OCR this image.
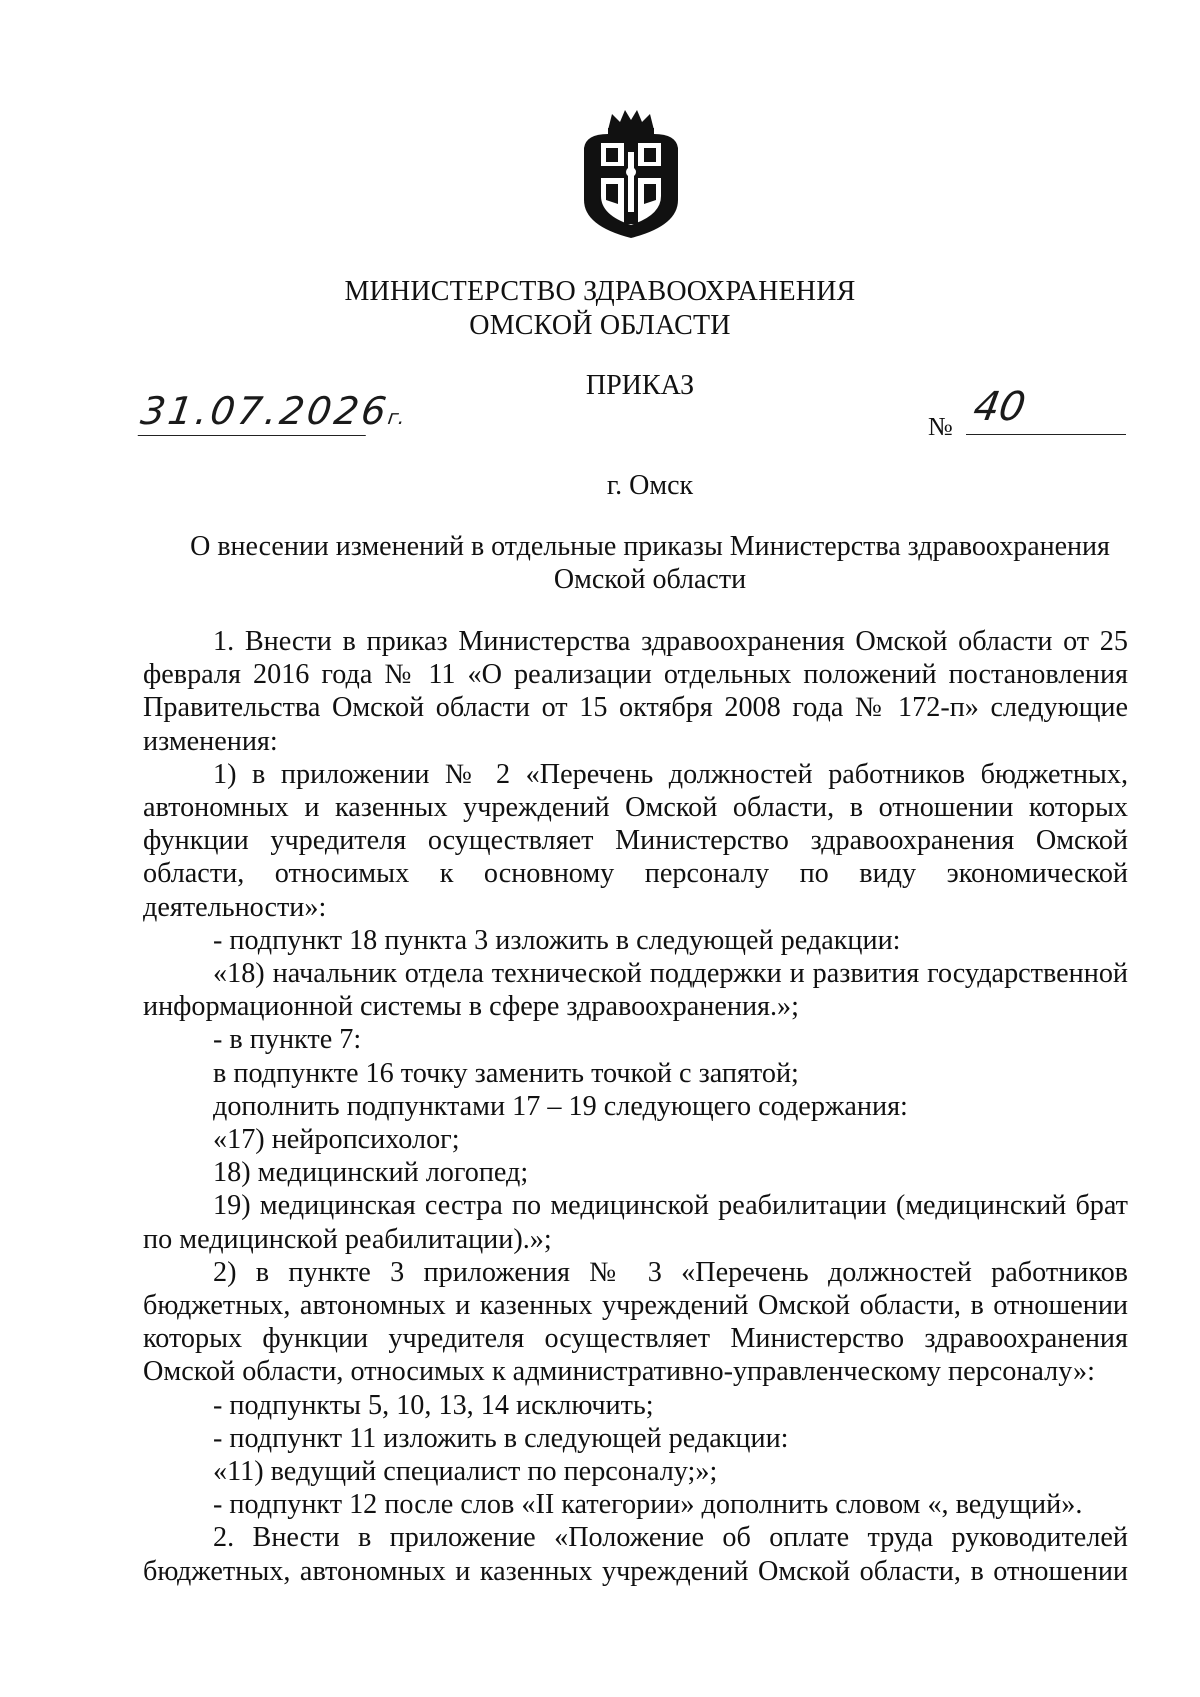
МИНИСТЕРСТВО ЗДРАВООХРАНЕНИЯ
ОМСКОЙ ОБЛАСТИ
ПРИКАЗ
31.07.2026г.	№ 40
г. Омск
О внесении изменений в отдельные приказы Министерства здравоохранения
Омской области

1. Внести в приказ Министерства здравоохранения Омской области от 25 февраля 2016 года № 11 «О реализации отдельных положений постановления Правительства Омской области от 15 октября 2008 года № 172-п» следующие изменения:

1) в приложении № 2 «Перечень должностей работников бюджетных, автономных и казенных учреждений Омской области, в отношении которых функции учредителя осуществляет Министерство здравоохранения Омской области, относимых к основному персоналу по виду экономической деятельности»:

- подпункт 18 пункта 3 изложить в следующей редакции:

«18) начальник отдела технической поддержки и развития государственной информационной системы в сфере здравоохранения.»;

- в пункте 7:

в подпункте 16 точку заменить точкой с запятой;

дополнить подпунктами 17 – 19 следующего содержания:

«17) нейропсихолог;

18) медицинский логопед;

19) медицинская сестра по медицинской реабилитации (медицинский брат по медицинской реабилитации).»;

2) в пункте 3 приложения № 3 «Перечень должностей работников бюджетных, автономных и казенных учреждений Омской области, в отношении которых функции учредителя осуществляет Министерство здравоохранения Омской области, относимых к административно-управленческому персоналу»:

- подпункты 5, 10, 13, 14 исключить;

- подпункт 11 изложить в следующей редакции:

«11) ведущий специалист по персоналу;»;

- подпункт 12 после слов «II категории» дополнить словом «, ведущий».

2. Внести в приложение «Положение об оплате труда руководителей бюджетных, автономных и казенных учреждений Омской области, в отношении
